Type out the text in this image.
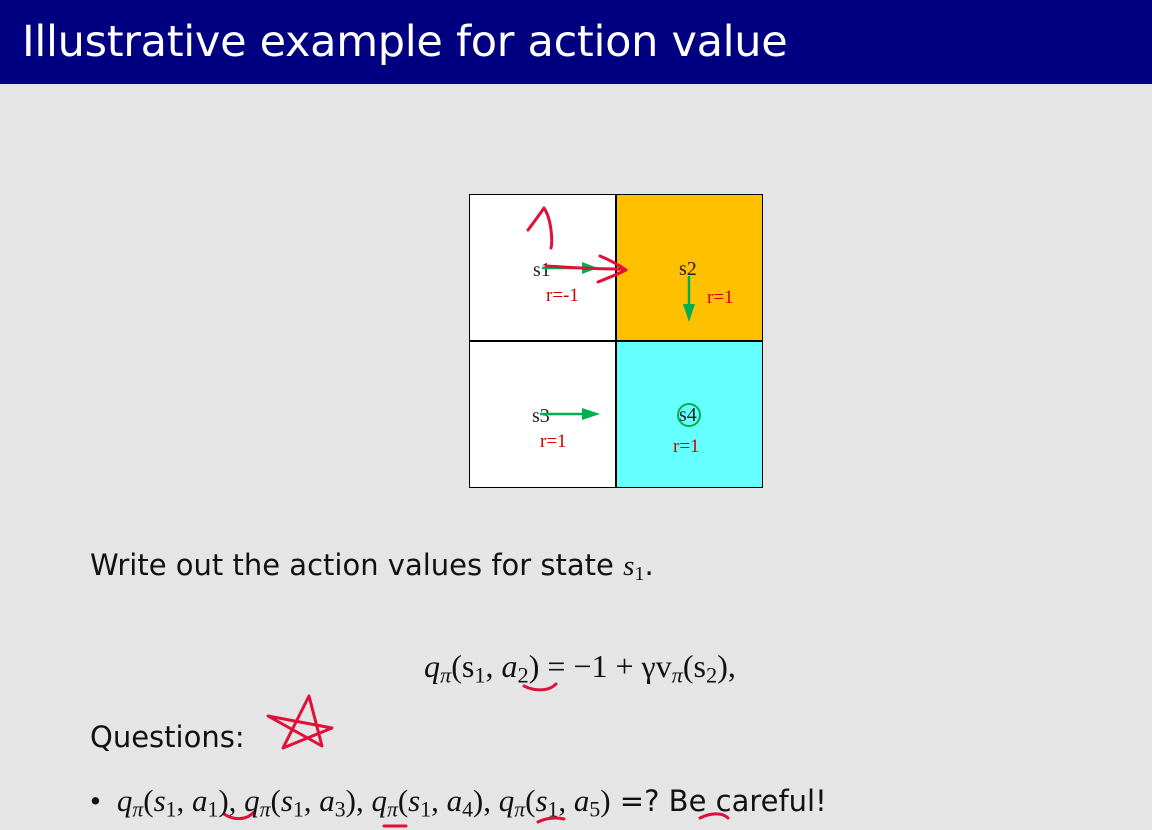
Illustrative example for action value
s1
r=-1
s2
r=1
s3
r=1
s4
r=1
Write out the action values for state $s_1$.
$q_\pi(s_1$, $a_2) = -1 + \gamma v_\pi(s_2)$,
Questions:
• $q_\pi(s_1$, $a_1$), $q_\pi(s_1$, $a_3$), $q_\pi(s_1$, $a_4$), $q_\pi(s_1$, $a_5$) =? Be careful!
